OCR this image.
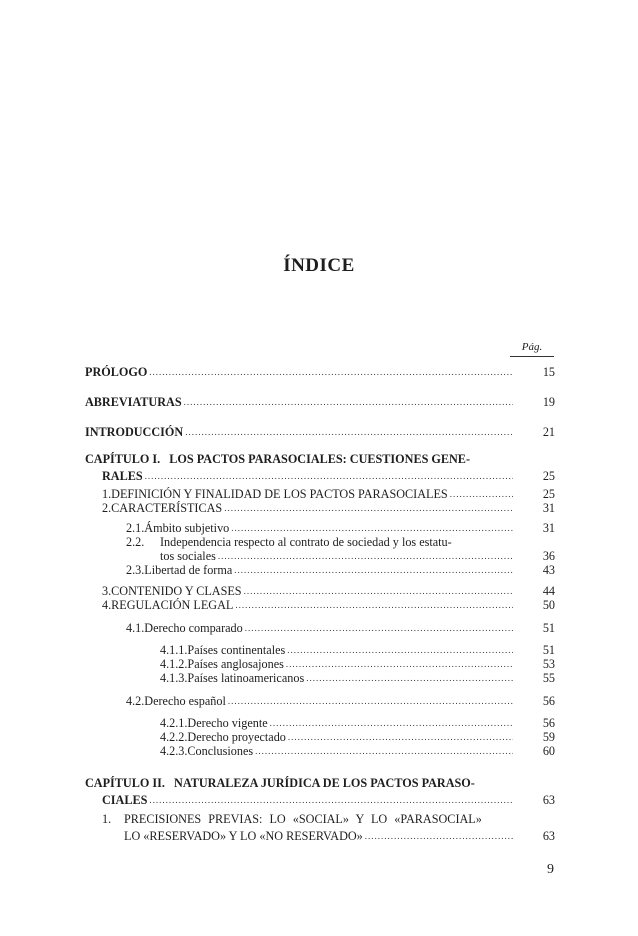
ÍNDICE
Pág.
PRÓLOGO .....	15
ABREVIATURAS .....	19
INTRODUCCIÓN .....	21
CAPÍTULO I.   LOS PACTOS PARASOCIALES: CUESTIONES GENE-
RALES .....	25
1. DEFINICIÓN Y FINALIDAD DE LOS PACTOS PARASOCIALES .....	25
2. CARACTERÍSTICAS .....	31
2.1. Ámbito subjetivo .....	31
2.2.	Independencia respecto al contrato de sociedad y los estatu-
tos sociales .....	36
2.3. Libertad de forma .....	43
3. CONTENIDO Y CLASES .....	44
4. REGULACIÓN LEGAL .....	50
4.1. Derecho comparado .....	51
4.1.1. Países continentales .....	51
4.1.2. Países anglosajones .....	53
4.1.3. Países latinoamericanos .....	55
4.2. Derecho español .....	56
4.2.1. Derecho vigente .....	56
4.2.2. Derecho proyectado .....	59
4.2.3. Conclusiones .....	60
CAPÍTULO II.   NATURALEZA JURÍDICA DE LOS PACTOS PARASO-
CIALES .....	63
1.	PRECISIONES PREVIAS: LO «SOCIAL» Y LO «PARASOCIAL»
LO «RESERVADO» Y LO «NO RESERVADO» .....	63
9
